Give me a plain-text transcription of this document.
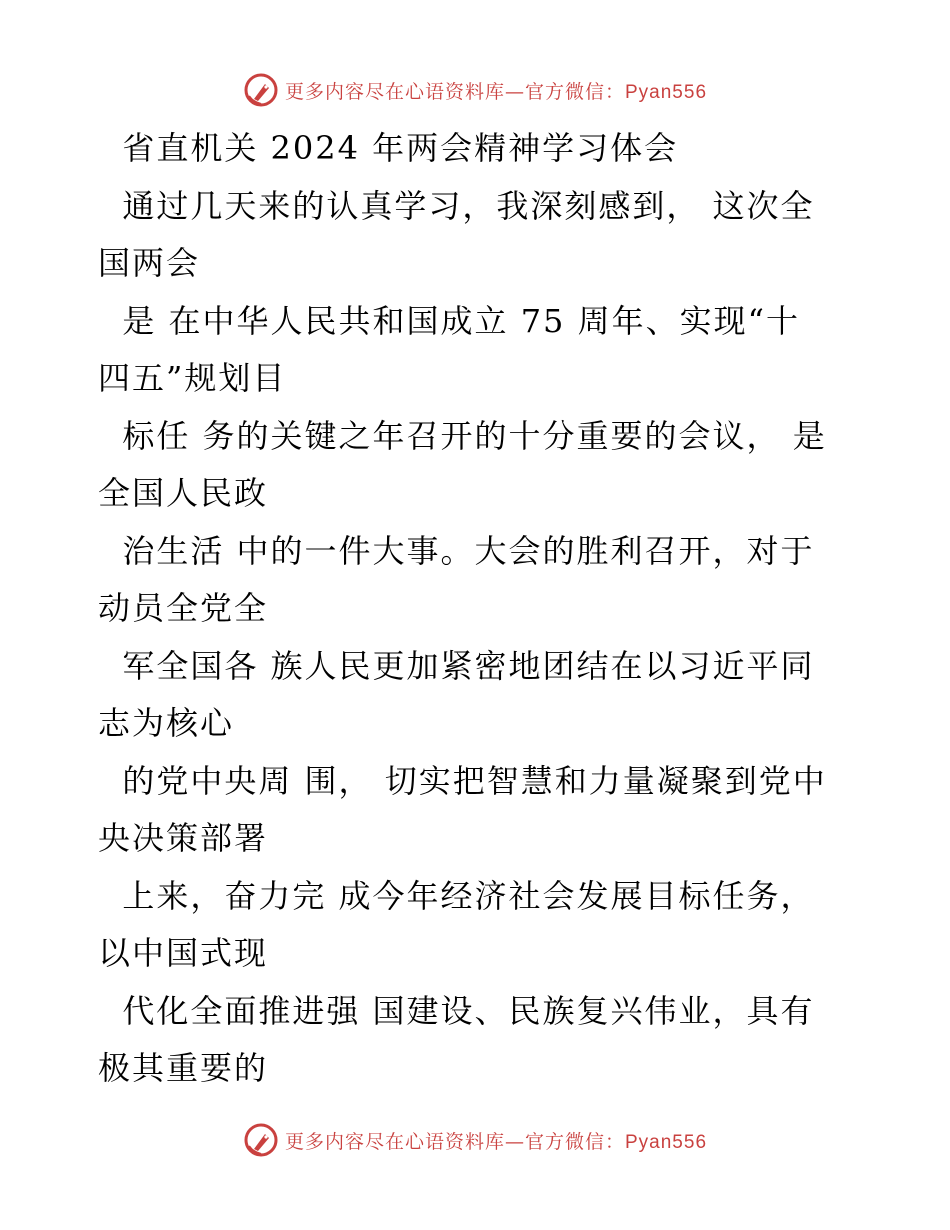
更多内容尽在心语资料库—官方微信：Pyan556
省直机关 2024 年两会精神学习体会
通过几天来的认真学习，我深刻感到， 这次全
国两会
是 在中华人民共和国成立 75 周年、实现“十
四五”规划目
标任 务的关键之年召开的十分重要的会议， 是
全国人民政
治生活 中的一件大事。大会的胜利召开，对于
动员全党全
军全国各 族人民更加紧密地团结在以习近平同
志为核心
的党中央周 围， 切实把智慧和力量凝聚到党中
央决策部署
上来，奋力完 成今年经济社会发展目标任务，
以中国式现
代化全面推进强 国建设、民族复兴伟业，具有
极其重要的
更多内容尽在心语资料库—官方微信：Pyan556
